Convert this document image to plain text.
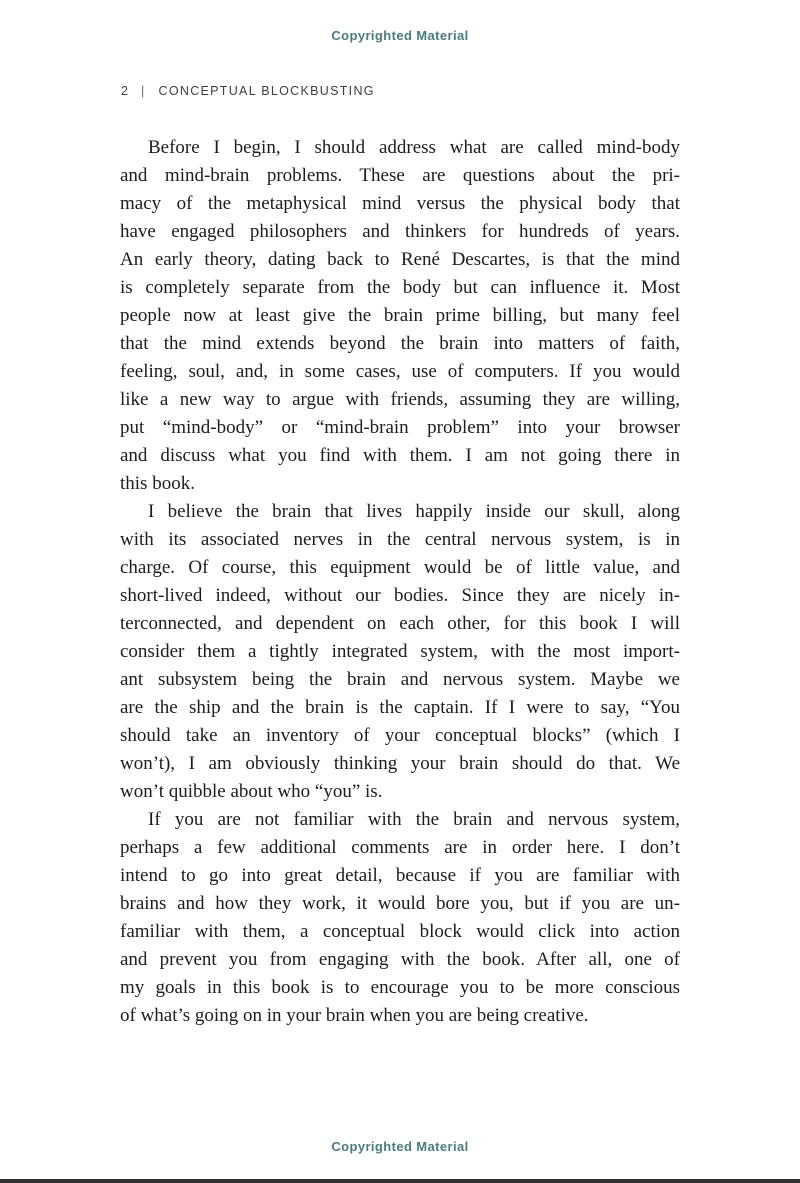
Copyrighted Material
2 | CONCEPTUAL BLOCKBUSTING
Before I begin, I should address what are called mind-body
and mind-brain problems. These are questions about the pri-
macy of the metaphysical mind versus the physical body that
have engaged philosophers and thinkers for hundreds of years.
An early theory, dating back to René Descartes, is that the mind
is completely separate from the body but can influence it. Most
people now at least give the brain prime billing, but many feel
that the mind extends beyond the brain into matters of faith,
feeling, soul, and, in some cases, use of computers. If you would
like a new way to argue with friends, assuming they are willing,
put “mind-body” or “mind-brain problem” into your browser
and discuss what you find with them. I am not going there in
this book.
I believe the brain that lives happily inside our skull, along
with its associated nerves in the central nervous system, is in
charge. Of course, this equipment would be of little value, and
short-lived indeed, without our bodies. Since they are nicely in-
terconnected, and dependent on each other, for this book I will
consider them a tightly integrated system, with the most import-
ant subsystem being the brain and nervous system. Maybe we
are the ship and the brain is the captain. If I were to say, “You
should take an inventory of your conceptual blocks” (which I
won’t), I am obviously thinking your brain should do that. We
won’t quibble about who “you” is.
If you are not familiar with the brain and nervous system,
perhaps a few additional comments are in order here. I don’t
intend to go into great detail, because if you are familiar with
brains and how they work, it would bore you, but if you are un-
familiar with them, a conceptual block would click into action
and prevent you from engaging with the book. After all, one of
my goals in this book is to encourage you to be more conscious
of what’s going on in your brain when you are being creative.
Copyrighted Material
